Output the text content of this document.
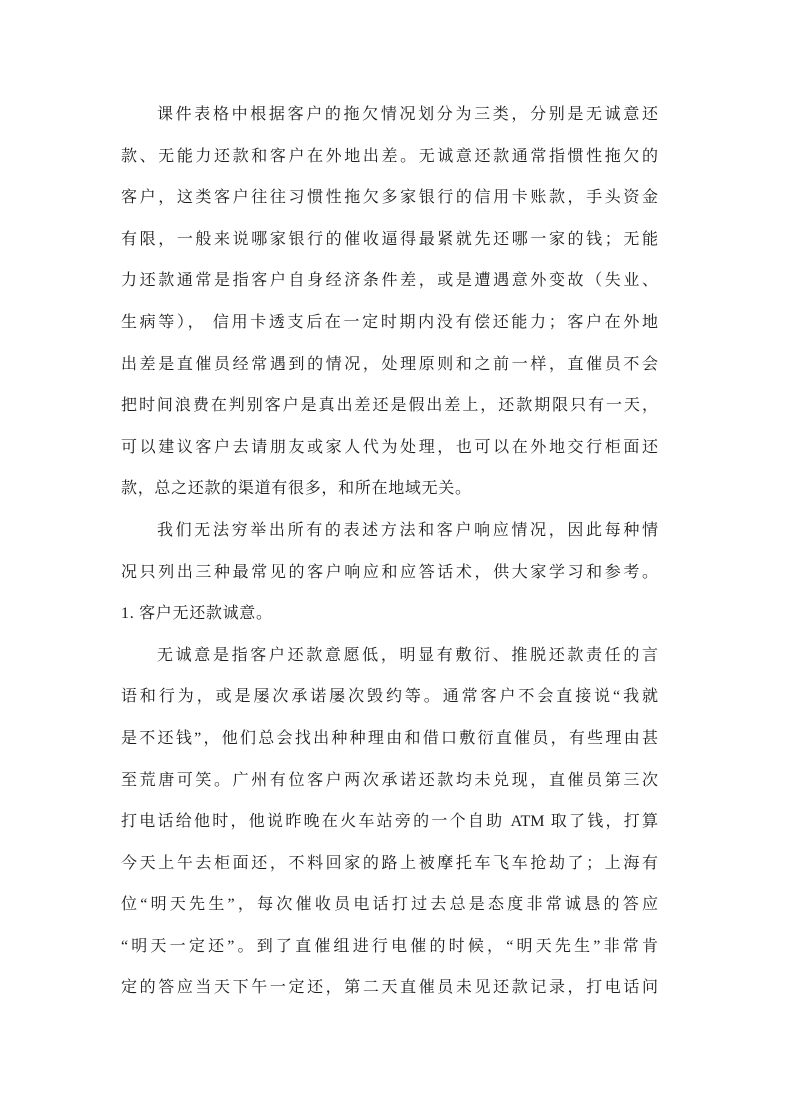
课件表格中根据客户的拖欠情况划分为三类，分别是无诚意还
款、无能力还款和客户在外地出差。无诚意还款通常指惯性拖欠的
客户，这类客户往往习惯性拖欠多家银行的信用卡账款，手头资金
有限，一般来说哪家银行的催收逼得最紧就先还哪一家的钱；无能
力还款通常是指客户自身经济条件差，或是遭遇意外变故（失业、
生病等）， 信用卡透支后在一定时期内没有偿还能力；客户在外地
出差是直催员经常遇到的情况，处理原则和之前一样，直催员不会
把时间浪费在判别客户是真出差还是假出差上，还款期限只有一天，
可以建议客户去请朋友或家人代为处理，也可以在外地交行柜面还
款，总之还款的渠道有很多，和所在地域无关。
我们无法穷举出所有的表述方法和客户响应情况，因此每种情
况只列出三种最常见的客户响应和应答话术，供大家学习和参考。
1. 客户无还款诚意。
无诚意是指客户还款意愿低，明显有敷衍、推脱还款责任的言
语和行为，或是屡次承诺屡次毁约等。通常客户不会直接说“我就
是不还钱”，他们总会找出种种理由和借口敷衍直催员，有些理由甚
至荒唐可笑。广州有位客户两次承诺还款均未兑现，直催员第三次
打电话给他时，他说昨晚在火车站旁的一个自助 ATM 取了钱，打算
今天上午去柜面还，不料回家的路上被摩托车飞车抢劫了；上海有
位“明天先生”，每次催收员电话打过去总是态度非常诚恳的答应
“明天一定还”。到了直催组进行电催的时候，“明天先生”非常肯
定的答应当天下午一定还，第二天直催员未见还款记录，打电话问
